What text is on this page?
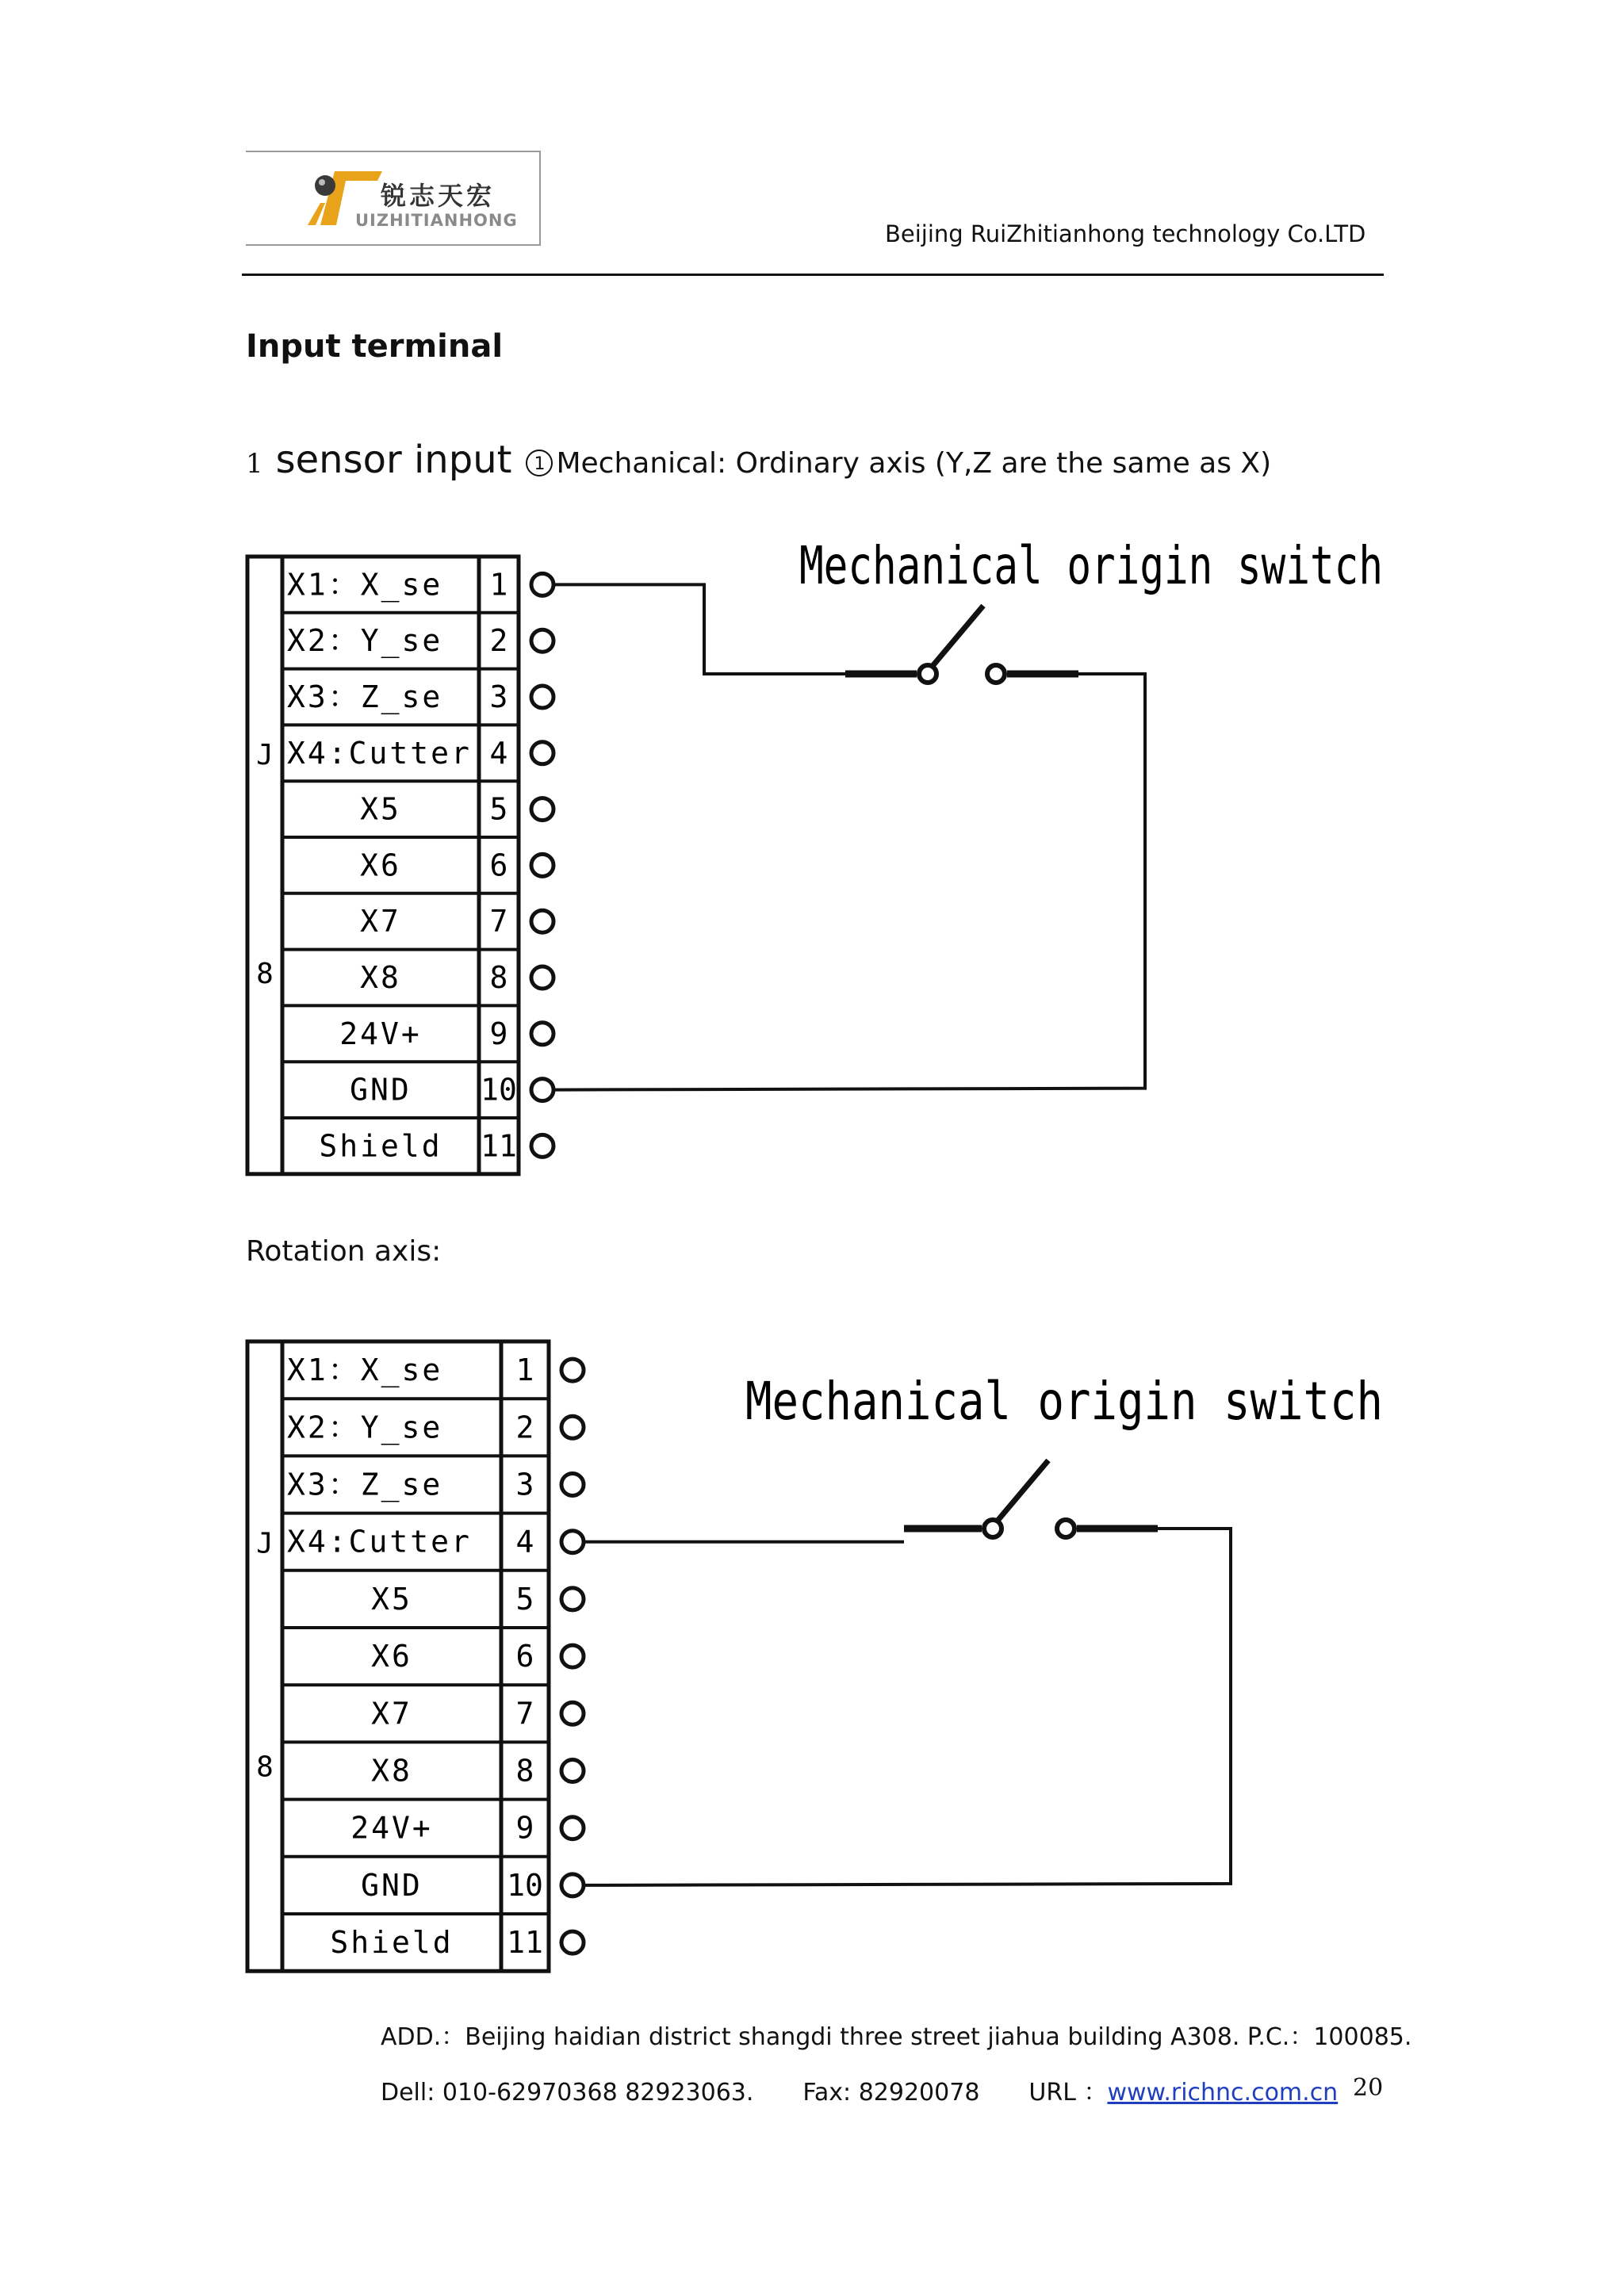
锐志天宏
UIZHITIANHONG	Beijing RuiZhitianhong technology Co.LTD
Input terminal
1 sensor input 1 Mechanical: Ordinary axis (Y,Z are the same as X)
J
8
X1：X_se 1
X2：Y_se 2
X3：Z_se 3
X4:Cutter 4
X5	5
X6	6
X7	7
X8	8
24V+ 9
GND 10
Shield 11
Mechanical origin switch
Rotation axis:
J
8
X1：X_se 1
X2：Y_se 2
X3：Z_se 3
X4:Cutter 4
X5	5
X6	6
X7	7
X8	8
24V+	9
GND	10
Shield 11
Mechanical origin switch
ADD.：Beijing haidian district shangdi three street jiahua building A308. P.C.：100085.
Dell: 010-62970368 82923063. Fax: 82920078 URL ：www.richnc.com.cn 20
